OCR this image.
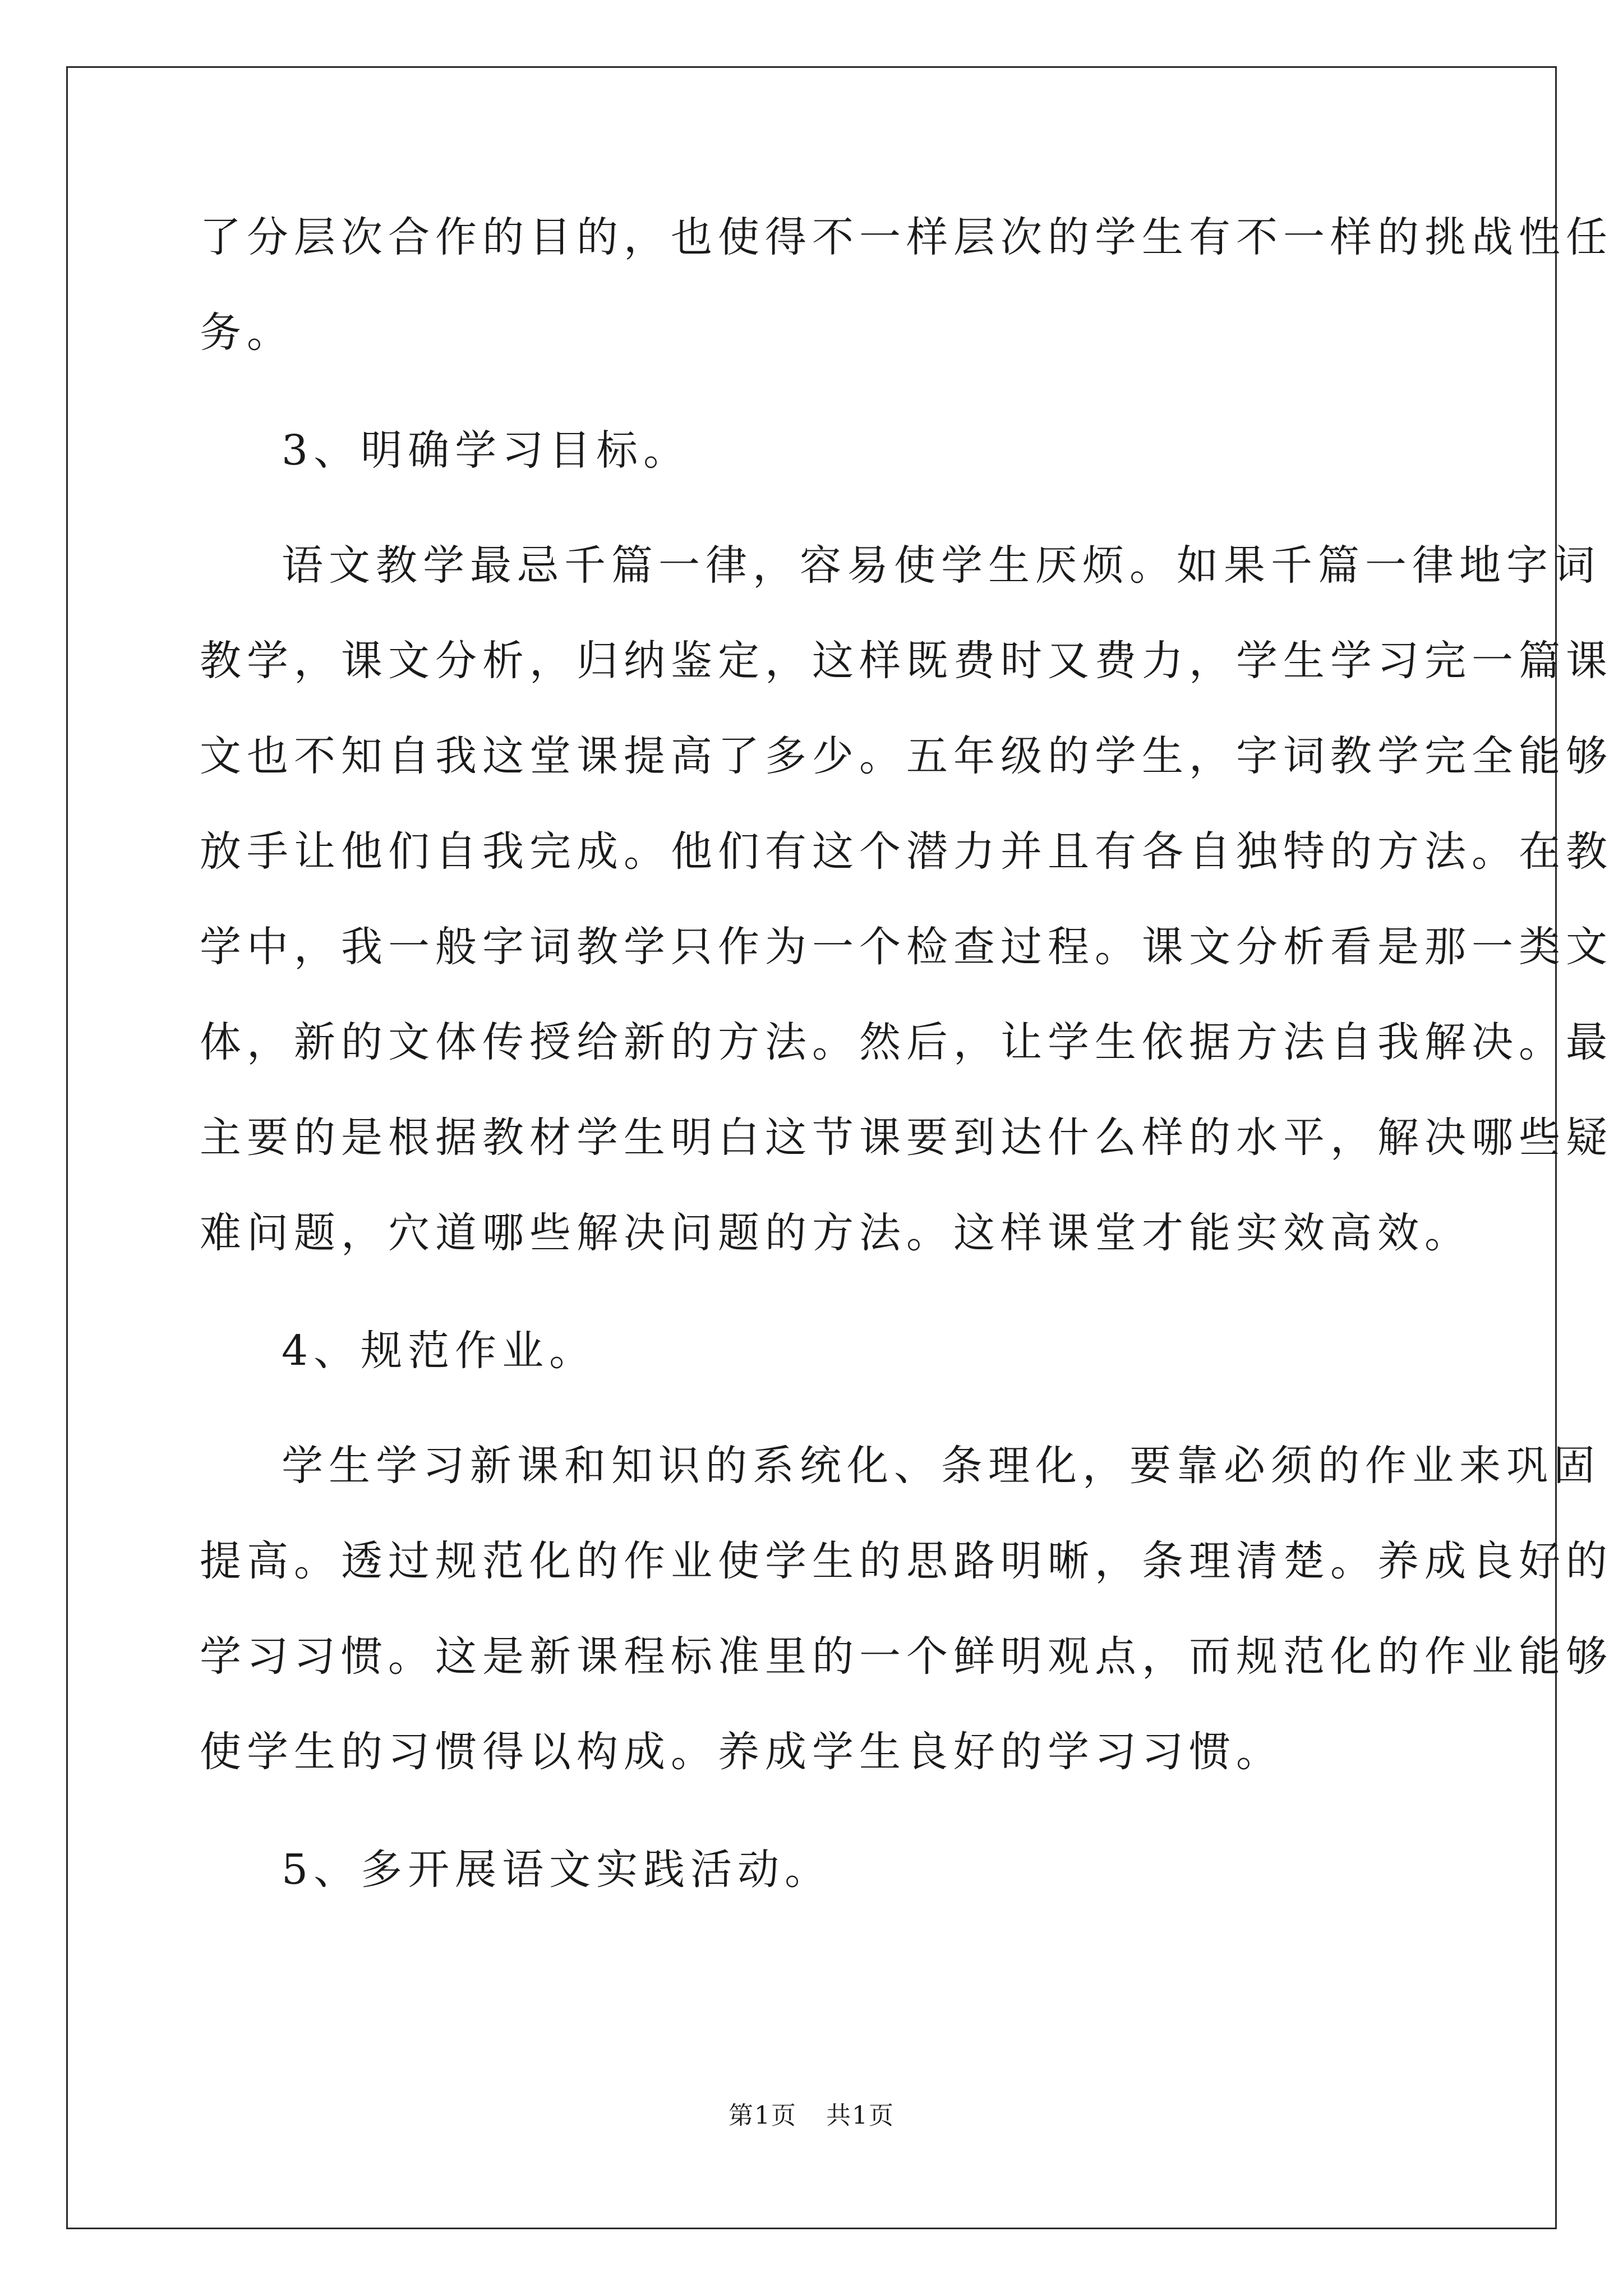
了分层次合作的目的，也使得不一样层次的学生有不一样的挑战性任
务。
3、明确学习目标。
语文教学最忌千篇一律，容易使学生厌烦。如果千篇一律地字词
教学，课文分析，归纳鉴定，这样既费时又费力，学生学习完一篇课
文也不知自我这堂课提高了多少。五年级的学生，字词教学完全能够
放手让他们自我完成。他们有这个潜力并且有各自独特的方法。在教
学中，我一般字词教学只作为一个检查过程。课文分析看是那一类文
体，新的文体传授给新的方法。然后，让学生依据方法自我解决。最
主要的是根据教材学生明白这节课要到达什么样的水平，解决哪些疑
难问题，穴道哪些解决问题的方法。这样课堂才能实效高效。
4、规范作业。
学生学习新课和知识的系统化、条理化，要靠必须的作业来巩固
提高。透过规范化的作业使学生的思路明晰，条理清楚。养成良好的
学习习惯。这是新课程标准里的一个鲜明观点，而规范化的作业能够
使学生的习惯得以构成。养成学生良好的学习习惯。
5、多开展语文实践活动。
第1页 共1页
